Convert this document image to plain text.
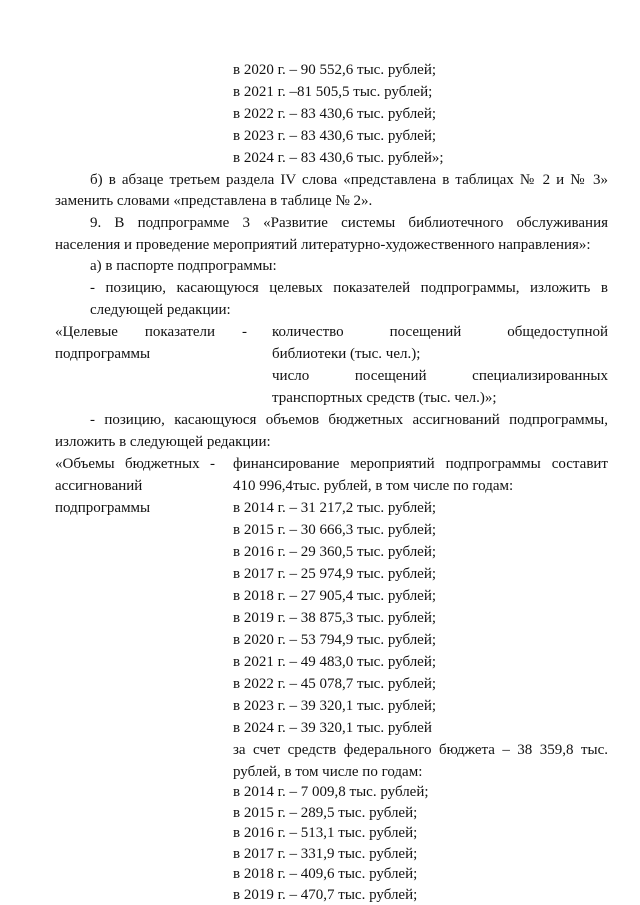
в 2020 г. – 90 552,6 тыс. рублей;
в 2021 г. –81 505,5 тыс. рублей;
в 2022 г. – 83 430,6 тыс. рублей;
в 2023 г. – 83 430,6 тыс. рублей;
в 2024 г. – 83 430,6 тыс. рублей»;
б) в абзаце третьем раздела IV слова «представлена в таблицах № 2 и № 3»
заменить словами «представлена в таблице № 2».
9. В подпрограмме 3 «Развитие системы библиотечного обслуживания
населения и проведение мероприятий литературно-художественного направления»:
а) в паспорте подпрограммы:
- позицию, касающуюся целевых показателей подпрограммы, изложить в
следующей редакции:
«Целевые показатели -
подпрограммы
количество посещений общедоступной
библиотеки (тыс. чел.);
число посещений специализированных
транспортных средств (тыс. чел.)»;
- позицию, касающуюся объемов бюджетных ассигнований подпрограммы,
изложить в следующей редакции:
«Объемы бюджетных -
ассигнований
подпрограммы
финансирование мероприятий подпрограммы составит
410 996,4тыс. рублей, в том числе по годам:
в 2014 г. – 31 217,2 тыс. рублей;
в 2015 г. – 30 666,3 тыс. рублей;
в 2016 г. – 29 360,5 тыс. рублей;
в 2017 г. – 25 974,9 тыс. рублей;
в 2018 г. – 27 905,4 тыс. рублей;
в 2019 г. – 38 875,3 тыс. рублей;
в 2020 г. – 53 794,9 тыс. рублей;
в 2021 г. – 49 483,0 тыс. рублей;
в 2022 г. – 45 078,7 тыс. рублей;
в 2023 г. – 39 320,1 тыс. рублей;
в 2024 г. – 39 320,1 тыс. рублей
за счет средств федерального бюджета – 38 359,8 тыс.
рублей, в том числе по годам:
в 2014 г. – 7 009,8 тыс. рублей;
в 2015 г. – 289,5 тыс. рублей;
в 2016 г. – 513,1 тыс. рублей;
в 2017 г. – 331,9 тыс. рублей;
в 2018 г. – 409,6 тыс. рублей;
в 2019 г. – 470,7 тыс. рублей;
